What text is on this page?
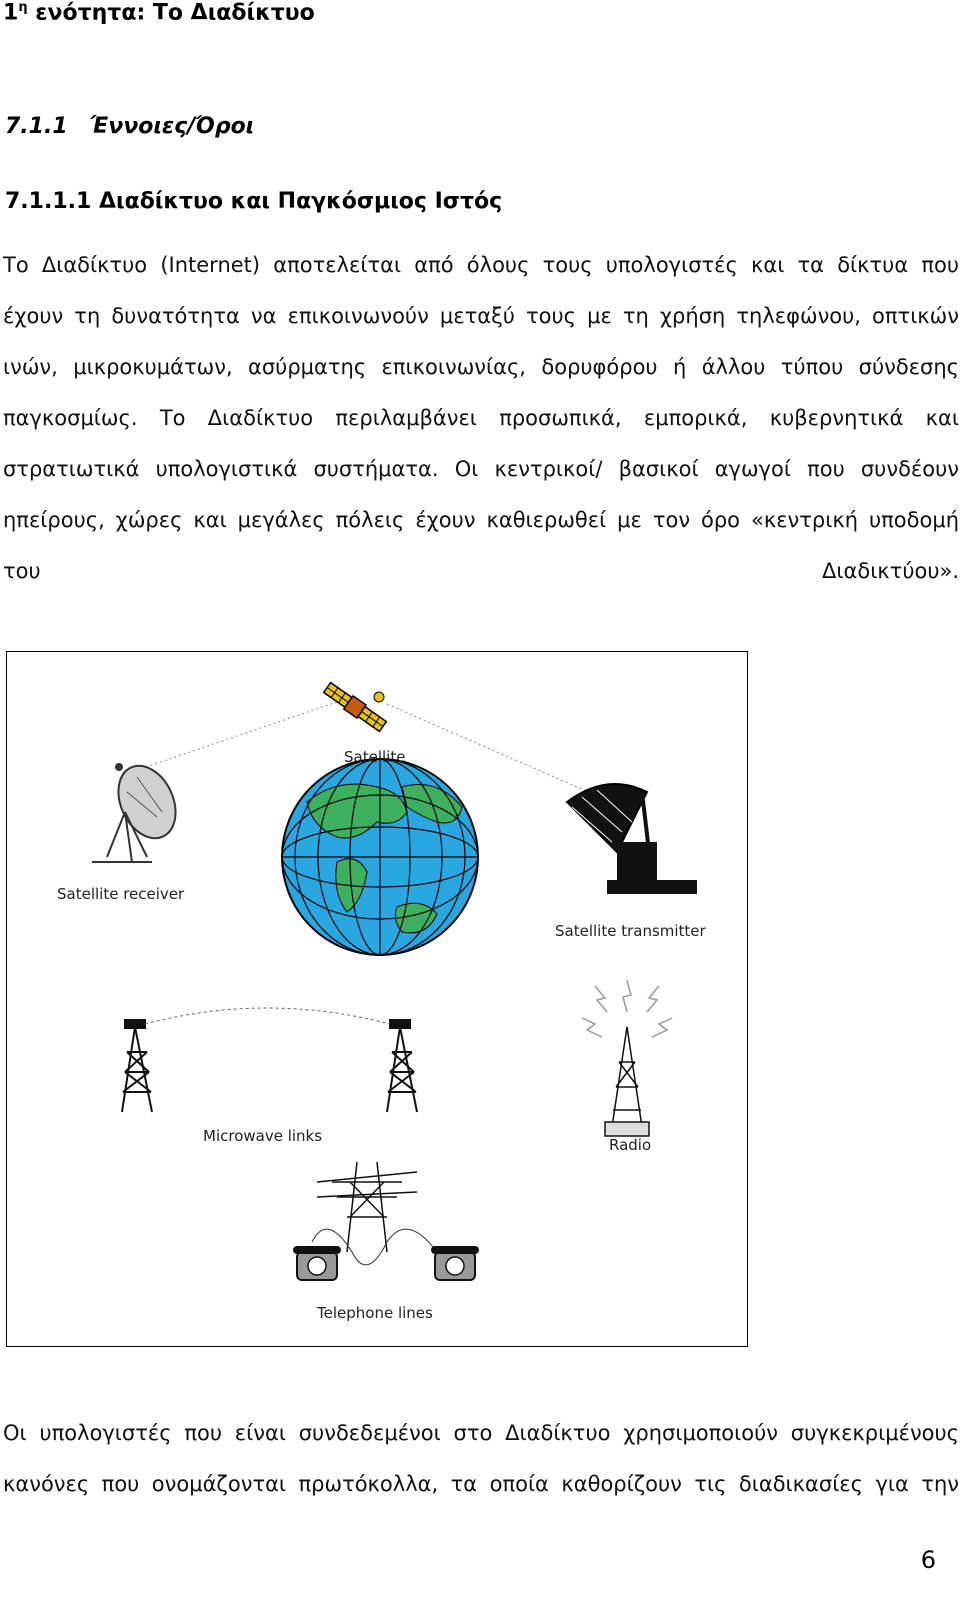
$1^\eta$ ενότητα: Το Διαδίκτυο
7.1.1 Έννοιες/Όροι
7.1.1.1 Διαδίκτυο και Παγκόσμιος Ιστός
Το Διαδίκτυο (Internet) αποτελείται από όλους τους υπολογιστές και τα δίκτυα που
έχουν τη δυνατότητα να επικοινωνούν μεταξύ τους με τη χρήση τηλεφώνου, οπτικών
ινών, μικροκυμάτων, ασύρματης επικοινωνίας, δορυφόρου ή άλλου τύπου σύνδεσης
παγκοσμίως. Το Διαδίκτυο περιλαμβάνει προσωπικά, εμπορικά, κυβερνητικά και
στρατιωτικά υπολογιστικά συστήματα. Οι κεντρικοί/ βασικοί αγωγοί που συνδέουν
ηπείρους, χώρες και μεγάλες πόλεις έχουν καθιερωθεί με τον όρο «κεντρική υποδομή
του Διαδικτύου».
Satellite
Satellite receiver
Satellite transmitter
Microwave links	Radio
Telephone lines
Οι υπολογιστές που είναι συνδεδεμένοι στο Διαδίκτυο χρησιμοποιούν συγκεκριμένους
κανόνες που ονομάζονται πρωτόκολλα, τα οποία καθορίζουν τις διαδικασίες για την
6
